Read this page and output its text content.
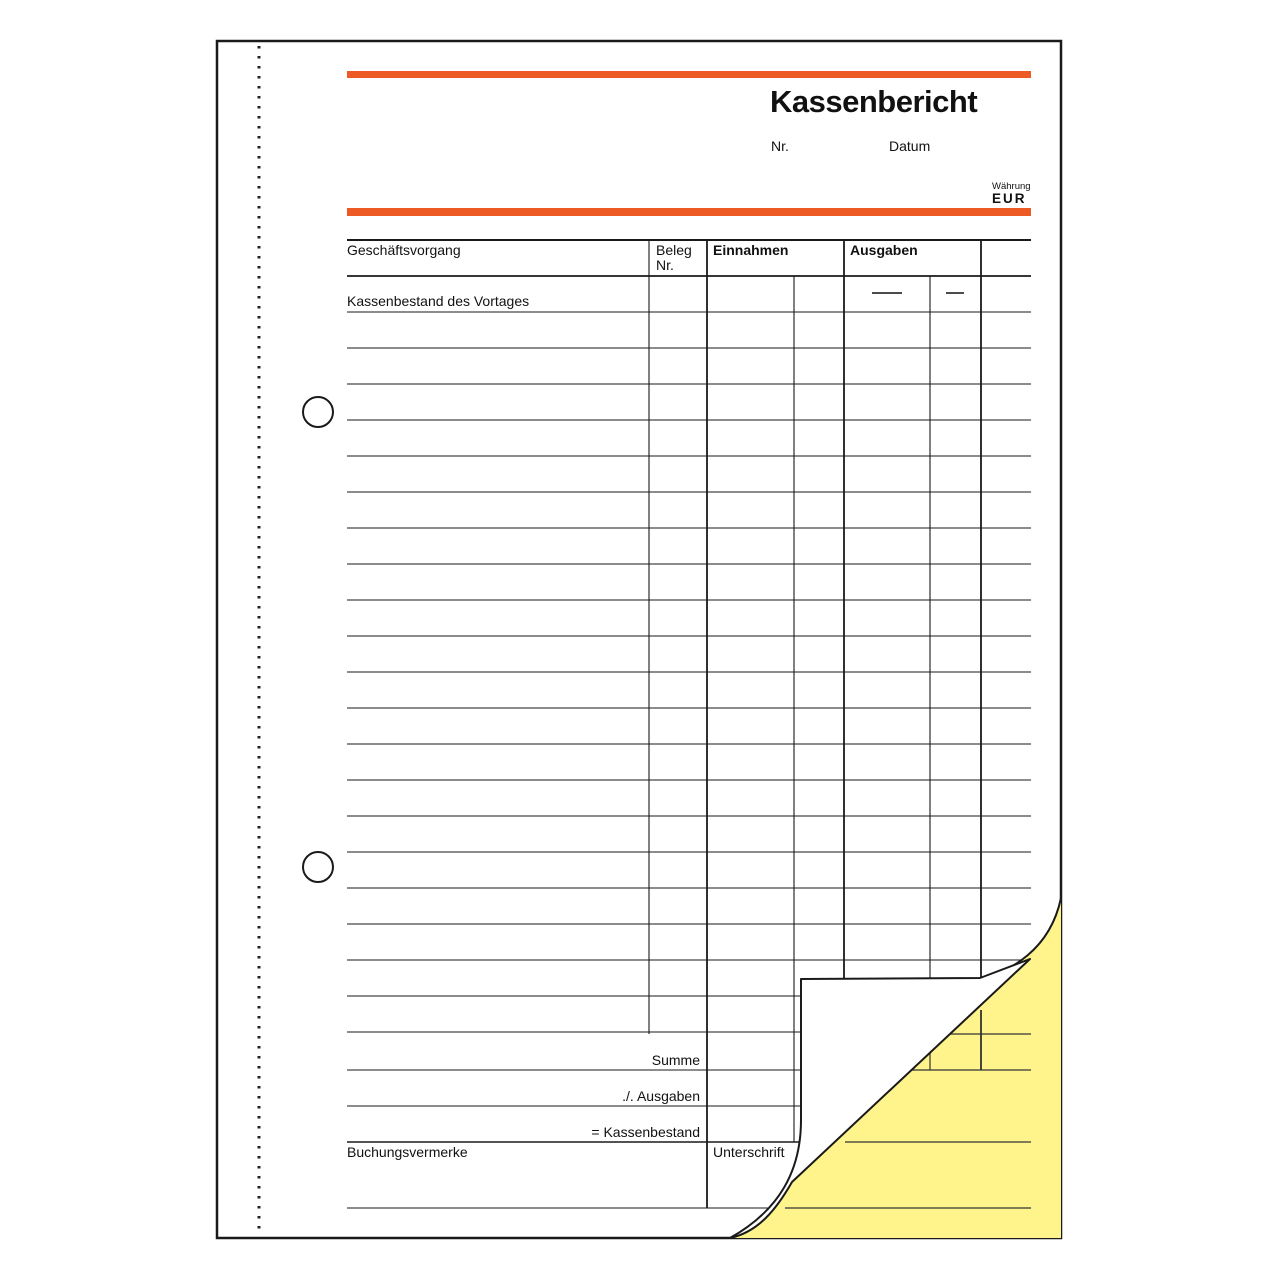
Kassenbericht
Nr.	Datum
Währung
EUR
Geschäftsvorgang	Beleg
Nr.
Einnahmen	Ausgaben
Kassenbestand des Vortages
Summe
./. Ausgaben
= Kassenbestand
Buchungsvermerke	Unterschrift
